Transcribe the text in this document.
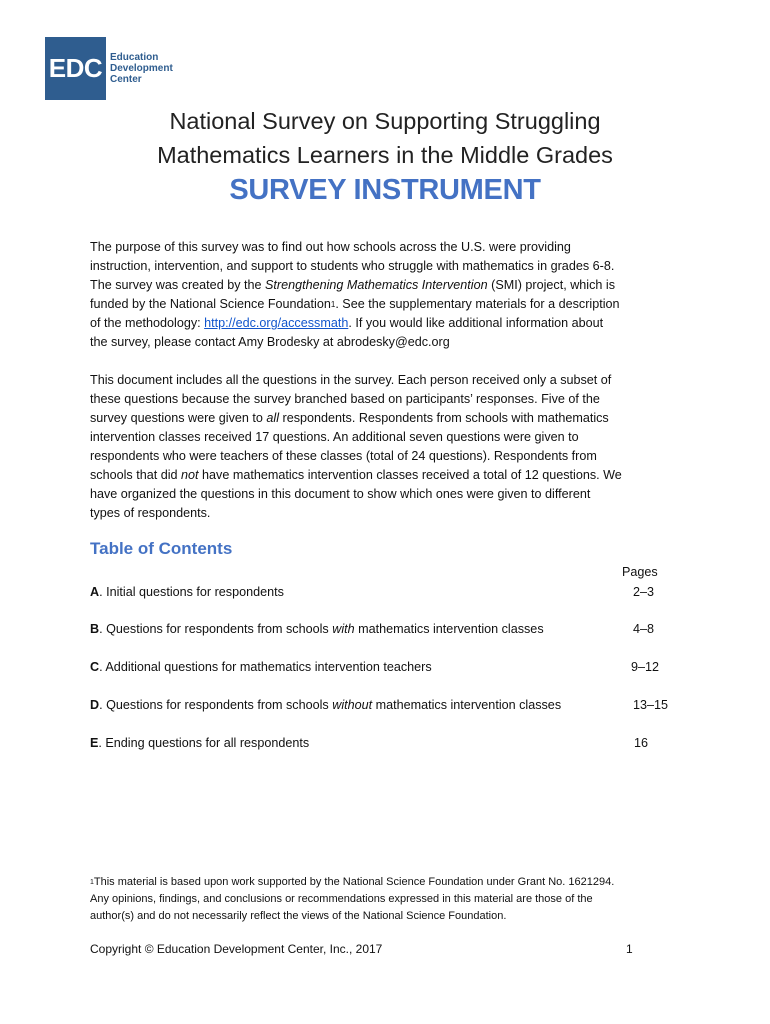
EDC Education
Development
Center
National Survey on Supporting Struggling
Mathematics Learners in the Middle Grades
SURVEY INSTRUMENT
The purpose of this survey was to find out how schools across the U.S. were providing
instruction, intervention, and support to students who struggle with mathematics in grades 6-8.
The survey was created by the Strengthening Mathematics Intervention (SMI) project, which is
funded by the National Science Foundation$^1$. See the supplementary materials for a description
of the methodology: http://edc.org/accessmath. If you would like additional information about
the survey, please contact Amy Brodesky at abrodesky@edc.org
This document includes all the questions in the survey. Each person received only a subset of
these questions because the survey branched based on participants’ responses. Five of the
survey questions were given to all respondents. Respondents from schools with mathematics
intervention classes received 17 questions. An additional seven questions were given to
respondents who were teachers of these classes (total of 24 questions). Respondents from
schools that did not have mathematics intervention classes received a total of 12 questions. We
have organized the questions in this document to show which ones were given to different
types of respondents.
Table of Contents
Pages
A. Initial questions for respondents	2–3
B. Questions for respondents from schools with mathematics intervention classes	4–8
C. Additional questions for mathematics intervention teachers	9–12
D. Questions for respondents from schools without mathematics intervention classes	13–15
E. Ending questions for all respondents	16
$^1$This material is based upon work supported by the National Science Foundation under Grant No. 1621294.
Any opinions, findings, and conclusions or recommendations expressed in this material are those of the
author(s) and do not necessarily reflect the views of the National Science Foundation.
Copyright © Education Development Center, Inc., 2017	1
